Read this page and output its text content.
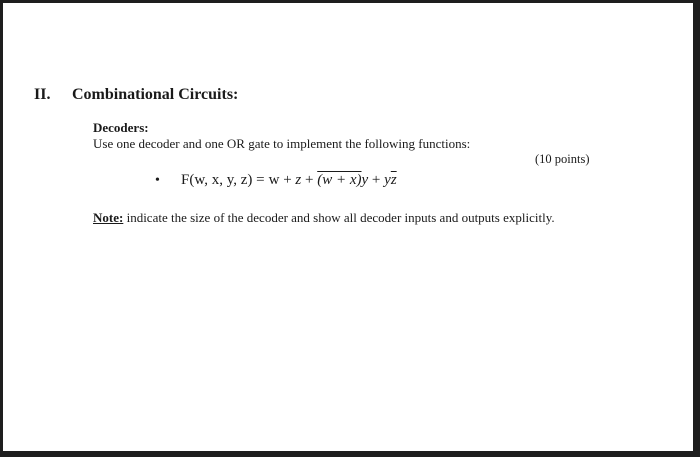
II. Combinational Circuits:
Decoders:
Use one decoder and one OR gate to implement the following functions:
(10 points)
•	F(w, x, y, $z) = w + z + (w + x)y + y\overline{z}$
Note: indicate the size of the decoder and show all decoder inputs and outputs explicitly.
